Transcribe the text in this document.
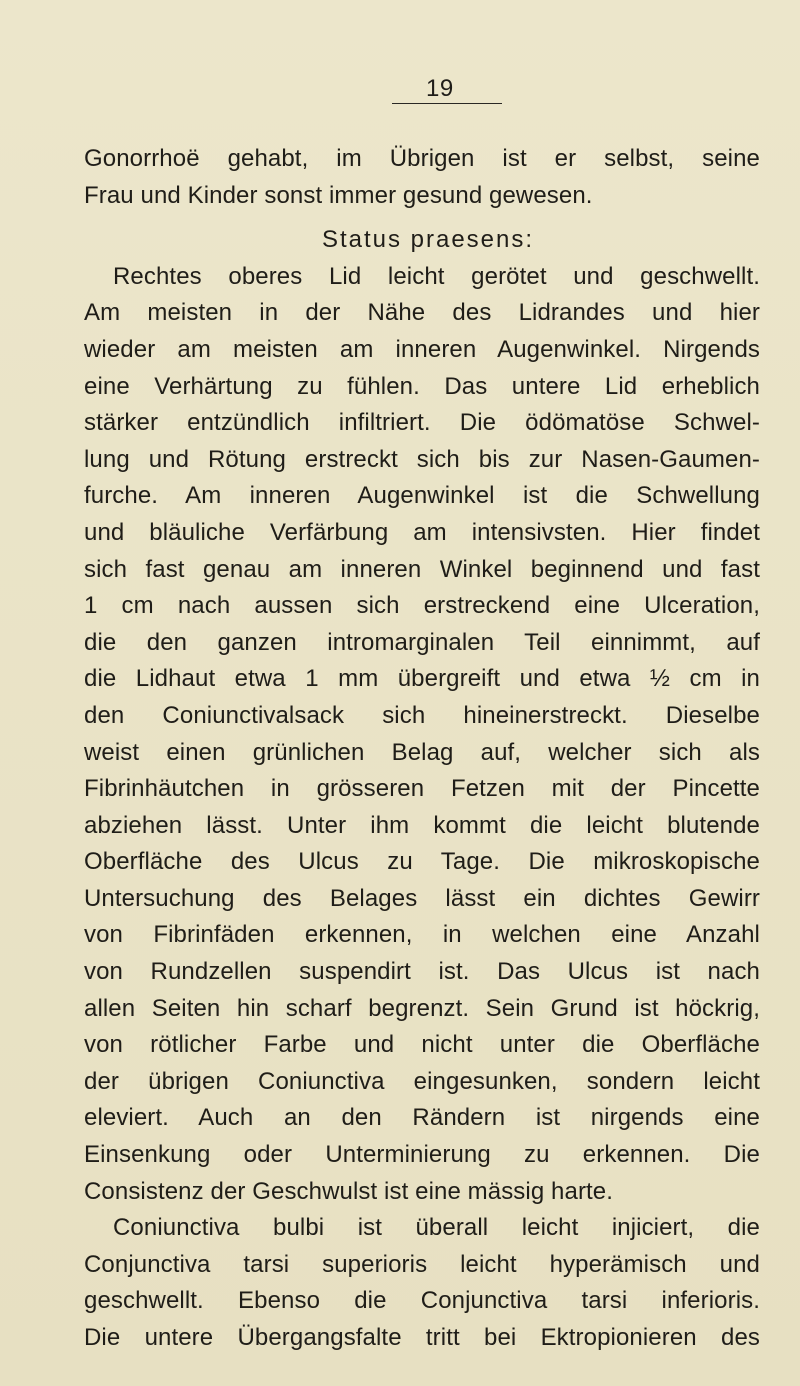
19
Gonorrhoë gehabt, im Übrigen ist er selbst, seine
Frau und Kinder sonst immer gesund gewesen.
Status praesens:
Rechtes oberes Lid leicht gerötet und geschwellt.
Am meisten in der Nähe des Lidrandes und hier
wieder am meisten am inneren Augenwinkel. Nirgends
eine Verhärtung zu fühlen. Das untere Lid erheblich
stärker entzündlich infiltriert. Die ödömatöse Schwel-
lung und Rötung erstreckt sich bis zur Nasen-Gaumen-
furche. Am inneren Augenwinkel ist die Schwellung
und bläuliche Verfärbung am intensivsten. Hier findet
sich fast genau am inneren Winkel beginnend und fast
1 cm nach aussen sich erstreckend eine Ulceration,
die den ganzen intromarginalen Teil einnimmt, auf
die Lidhaut etwa 1 mm übergreift und etwa ½ cm in
den Coniunctivalsack sich hineinerstreckt. Dieselbe
weist einen grünlichen Belag auf, welcher sich als
Fibrinhäutchen in grösseren Fetzen mit der Pincette
abziehen lässt. Unter ihm kommt die leicht blutende
Oberfläche des Ulcus zu Tage. Die mikroskopische
Untersuchung des Belages lässt ein dichtes Gewirr
von Fibrinfäden erkennen, in welchen eine Anzahl
von Rundzellen suspendirt ist. Das Ulcus ist nach
allen Seiten hin scharf begrenzt. Sein Grund ist höckrig,
von rötlicher Farbe und nicht unter die Oberfläche
der übrigen Coniunctiva eingesunken, sondern leicht
eleviert. Auch an den Rändern ist nirgends eine
Einsenkung oder Unterminierung zu erkennen. Die
Consistenz der Geschwulst ist eine mässig harte.
Coniunctiva bulbi ist überall leicht injiciert, die
Conjunctiva tarsi superioris leicht hyperämisch und
geschwellt. Ebenso die Conjunctiva tarsi inferioris.
Die untere Übergangsfalte tritt bei Ektropionieren des
